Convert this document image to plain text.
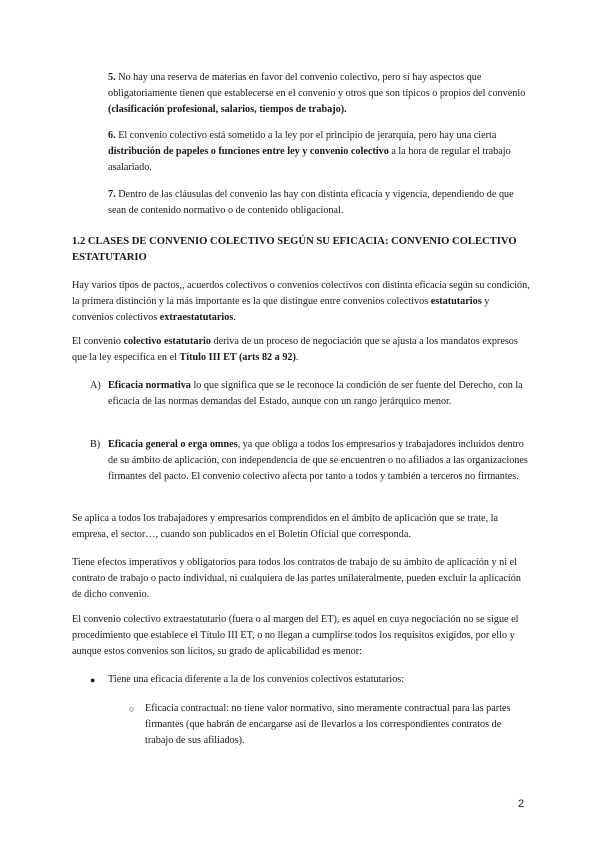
5. No hay una reserva de materias en favor del convenio colectivo, pero sí hay aspectos que obligatoriamente tienen que establecerse en el convenio y otros que son típicos o propios del convenio (clasificación profesional, salarios, tiempos de trabajo).

6. El convenio colectivo está sometido a la ley por el principio de jerarquía, pero hay una cierta distribución de papeles o funciones entre ley y convenio colectivo a la hora de regular el trabajo asalariado.

7. Dentro de las cláusulas del convenio las hay con distinta eficacia y vigencia, dependiendo de que sean de contenido normativo o de contenido obligacional.

1.2 CLASES DE CONVENIO COLECTIVO SEGÚN SU EFICACIA: CONVENIO COLECTIVO ESTATUTARIO

Hay varios tipos de pactos,, acuerdos colectivos o convenios colectivos con distinta eficacia según su condición, la primera distinción y la más importante es la que distingue entre convenios colectivos estatutarios y convenios colectivos extraestatutarios.

El convenio colectivo estatutario deriva de un proceso de negociación que se ajusta a los mandatos expresos que la ley especifica en el Título III ET (arts 82 a 92).

A) Eficacia normativa lo que significa que se le reconoce la condición de ser fuente del Derecho, con la eficacia de las normas demandas del Estado, aunque con un rango jerárquico menor.

B) Eficacia general o erga omnes, ya que obliga a todos los empresarios y trabajadores incluidos dentro de su ámbito de aplicación, con independencia de que se encuentren o no afiliados a las organizaciones firmantes del pacto. El convenio colectivo afecta por tanto a todos y también a terceros no firmantes.

Se aplica a todos los trabajadores y empresarios comprendidos en el ámbito de aplicación que se trate, la empresa, el sector…, cuando son publicados en el Boletín Oficial que corresponda.

Tiene efectos imperativos y obligatorios para todos los contratos de trabajo de su ámbito de aplicación y ni el contrato de trabajo o pacto individual, ni cualquiera de las partes unilateralmente, pueden excluir la aplicación de dicho convenio.

El convenio colectivo extraestatutario (fuera o al margen del ET), es aquel en cuya negociación no se sigue el procedimiento que establece el Título III ET, o no llegan a cumplirse todos los requisitos exigidos, por ello y aunque estos convenios son lícitos, su grado de aplicabilidad es menor:

● Tiene una eficacia diferente a la de los convenios colectivos estatutarios:

○ Eficacia contractual: no tiene valor normativo, sino meramente contractual para las partes firmantes (que habrán de encargarse así de llevarlos a los correspondientes contratos de trabajo de sus afiliados).

2
